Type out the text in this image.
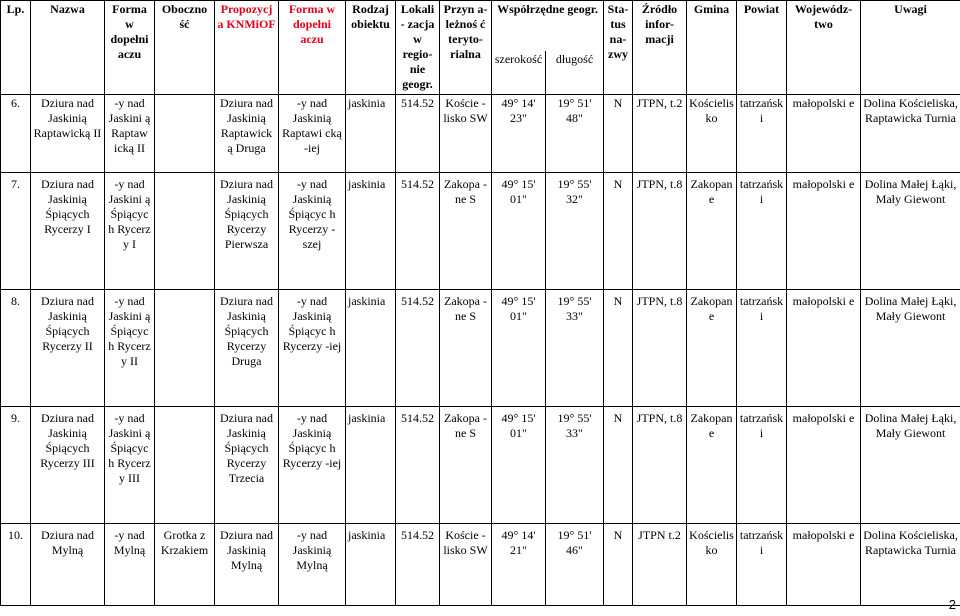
Lp.	Nazwa	Forma w dopełni aczu	Oboczno ść	Propozycj a KNMiOF	Forma w dopełni aczu	Rodzaj obiektu	Lokali - zacja w regio- nie geogr.	Przyn a- leżnoś ć teryto- rialna	Współrzędne geogr.		Sta- tus na- zwy	Źródło infor- macji	Gmina	Powiat	Wojewódz- two	Uwagi
									szerokość	długość						
6.	Dziura nad Jaskinią Raptawicką II	-y nad Jaskini ą Raptaw icką II		Dziura nad Jaskinią Raptawick ą Druga	-y nad Jaskinią Raptawi cką -iej	jaskinia	514.52	Koście -lisko SW	49° 14' 23"	19° 51' 48"	N	JTPN, t.2	Kościelis ko	tatrzański	małopolski e	Dolina Kościeliska, Raptawicka Turnia
7.	Dziura nad Jaskinią Śpiących Rycerzy I	-y nad Jaskini ą Śpiącyc h Rycerz y I		Dziura nad Jaskinią Śpiących Rycerzy Pierwsza	-y nad Jaskinią Śpiącyc h Rycerzy -szej	jaskinia	514.52	Zakopa -ne S	49° 15' 01"	19° 55' 32"	N	JTPN, t.8	Zakopan e	tatrzański	małopolski e	Dolina Małej Łąki, Mały Giewont
8.	Dziura nad Jaskinią Śpiących Rycerzy II	-y nad Jaskini ą Śpiącyc h Rycerz y II		Dziura nad Jaskinią Śpiących Rycerzy Druga	-y nad Jaskinią Śpiącyc h Rycerzy -iej	jaskinia	514.52	Zakopa -ne S	49° 15' 01"	19° 55' 33"	N	JTPN, t.8	Zakopan e	tatrzański	małopolski e	Dolina Małej Łąki, Mały Giewont
9.	Dziura nad Jaskinią Śpiących Rycerzy III	-y nad Jaskini ą Śpiącyc h Rycerz y III		Dziura nad Jaskinią Śpiących Rycerzy Trzecia	-y nad Jaskinią Śpiącyc h Rycerzy -iej	jaskinia	514.52	Zakopa -ne S	49° 15' 01"	19° 55' 33"	N	JTPN, t.8	Zakopan e	tatrzański	małopolski e	Dolina Małej Łąki, Mały Giewont
10.	Dziura nad Mylną	-y nad Mylną	Grotka z Krzakiem	Dziura nad Jaskinią Mylną	-y nad Jaskinią Mylną	jaskinia	514.52	Koście -lisko SW	49° 14' 21"	19° 51' 46"	N	JTPN t.2	Kościelis ko	tatrzański	małopolski e	Dolina Kościeliska, Raptawicka Turnia
2
